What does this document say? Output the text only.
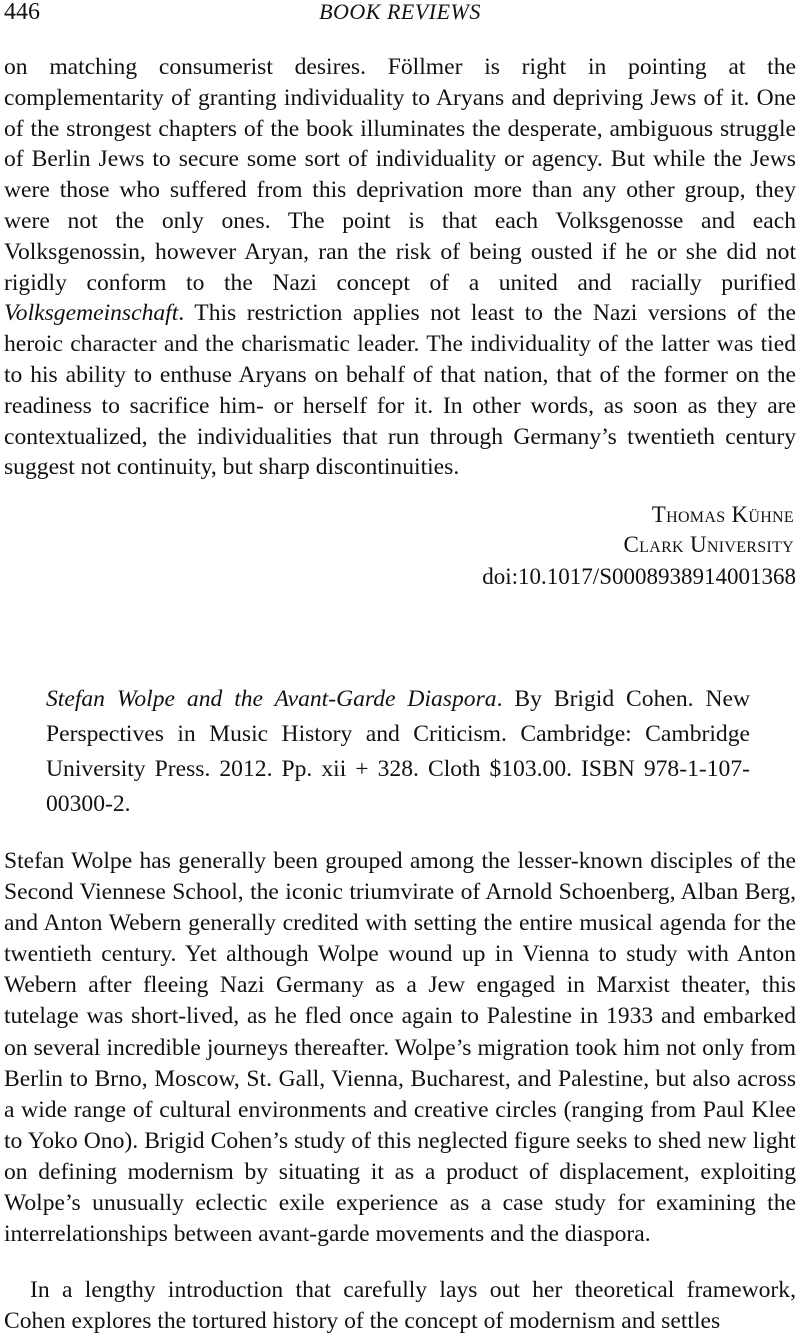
446	BOOK REVIEWS

on matching consumerist desires. Föllmer is right in pointing at the complementarity of granting individuality to Aryans and depriving Jews of it. One of the strongest chapters of the book illuminates the desperate, ambiguous struggle of Berlin Jews to secure some sort of individuality or agency. But while the Jews were those who suffered from this deprivation more than any other group, they were not the only ones. The point is that each Volksgenosse and each Volksgenossin, however Aryan, ran the risk of being ousted if he or she did not rigidly conform to the Nazi concept of a united and racially purified Volksgemeinschaft. This restriction applies not least to the Nazi versions of the heroic character and the charismatic leader. The individuality of the latter was tied to his ability to enthuse Aryans on behalf of that nation, that of the former on the readiness to sacrifice him- or herself for it. In other words, as soon as they are contextualized, the individualities that run through Germany’s twentieth century suggest not continuity, but sharp discontinuities.

Thomas Kühne
Clark University
doi:10.1017/S0008938914001368

Stefan Wolpe and the Avant-Garde Diaspora. By Brigid Cohen. New Perspectives in Music History and Criticism. Cambridge: Cambridge University Press. 2012. Pp. xii + 328. Cloth $103.00. ISBN 978-1-107-00300-2.

Stefan Wolpe has generally been grouped among the lesser-known disciples of the Second Viennese School, the iconic triumvirate of Arnold Schoenberg, Alban Berg, and Anton Webern generally credited with setting the entire musical agenda for the twentieth century. Yet although Wolpe wound up in Vienna to study with Anton Webern after fleeing Nazi Germany as a Jew engaged in Marxist theater, this tutelage was short-lived, as he fled once again to Palestine in 1933 and embarked on several incredible journeys thereafter. Wolpe’s migration took him not only from Berlin to Brno, Moscow, St. Gall, Vienna, Bucharest, and Palestine, but also across a wide range of cultural environments and creative circles (ranging from Paul Klee to Yoko Ono). Brigid Cohen’s study of this neglected figure seeks to shed new light on defining modernism by situating it as a product of displacement, exploiting Wolpe’s unusually eclectic exile experience as a case study for examining the interrelationships between avant-garde movements and the diaspora.

In a lengthy introduction that carefully lays out her theoretical framework, Cohen explores the tortured history of the concept of modernism and settles
